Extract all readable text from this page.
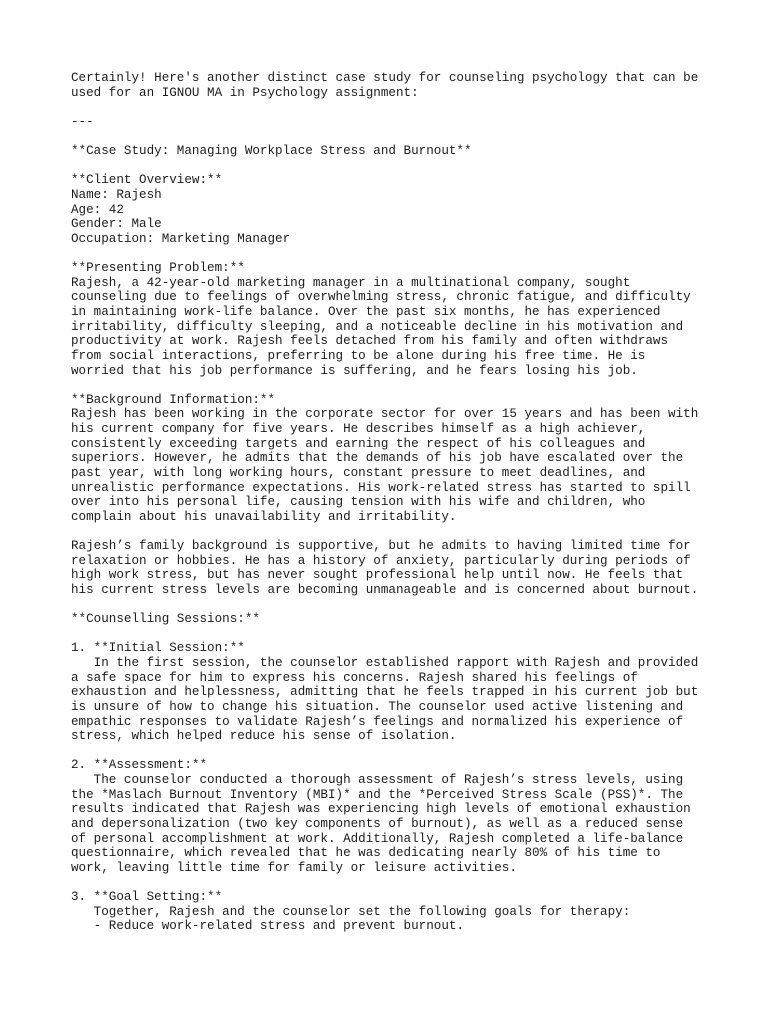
Certainly! Here's another distinct case study for counseling psychology that can be
used for an IGNOU MA in Psychology assignment:
---
**Case Study: Managing Workplace Stress and Burnout**
**Client Overview:**
Name: Rajesh
Age: 42
Gender: Male
Occupation: Marketing Manager
**Presenting Problem:**
Rajesh, a 42-year-old marketing manager in a multinational company, sought
counseling due to feelings of overwhelming stress, chronic fatigue, and difficulty
in maintaining work-life balance. Over the past six months, he has experienced
irritability, difficulty sleeping, and a noticeable decline in his motivation and
productivity at work. Rajesh feels detached from his family and often withdraws
from social interactions, preferring to be alone during his free time. He is
worried that his job performance is suffering, and he fears losing his job.
**Background Information:**
Rajesh has been working in the corporate sector for over 15 years and has been with
his current company for five years. He describes himself as a high achiever,
consistently exceeding targets and earning the respect of his colleagues and
superiors. However, he admits that the demands of his job have escalated over the
past year, with long working hours, constant pressure to meet deadlines, and
unrealistic performance expectations. His work-related stress has started to spill
over into his personal life, causing tension with his wife and children, who
complain about his unavailability and irritability.
Rajesh’s family background is supportive, but he admits to having limited time for
relaxation or hobbies. He has a history of anxiety, particularly during periods of
high work stress, but has never sought professional help until now. He feels that
his current stress levels are becoming unmanageable and is concerned about burnout.
**Counselling Sessions:**
1. **Initial Session:**
In the first session, the counselor established rapport with Rajesh and provided
a safe space for him to express his concerns. Rajesh shared his feelings of
exhaustion and helplessness, admitting that he feels trapped in his current job but
is unsure of how to change his situation. The counselor used active listening and
empathic responses to validate Rajesh’s feelings and normalized his experience of
stress, which helped reduce his sense of isolation.
2. **Assessment:**
The counselor conducted a thorough assessment of Rajesh’s stress levels, using
the *Maslach Burnout Inventory (MBI)* and the *Perceived Stress Scale (PSS)*. The
results indicated that Rajesh was experiencing high levels of emotional exhaustion
and depersonalization (two key components of burnout), as well as a reduced sense
of personal accomplishment at work. Additionally, Rajesh completed a life-balance
questionnaire, which revealed that he was dedicating nearly 80% of his time to
work, leaving little time for family or leisure activities.
3. **Goal Setting:**
Together, Rajesh and the counselor set the following goals for therapy:
- Reduce work-related stress and prevent burnout.
